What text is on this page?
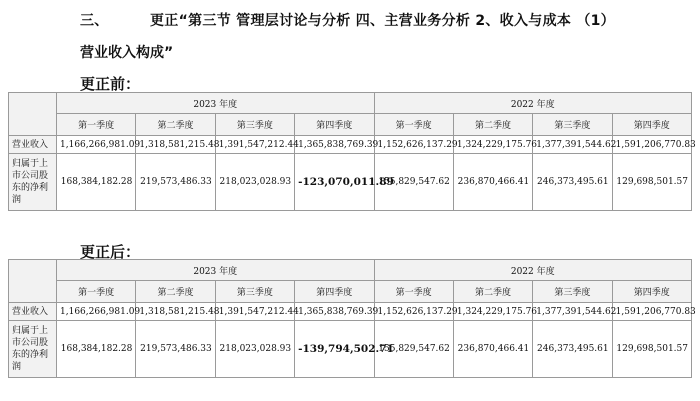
三、	更正“第三节 管理层讨论与分析 四、主营业务分析 2、收入与成本 （1）
营业收入构成”
更正前：
	2023 年度				2022 年度			
	第一季度	第二季度	第三季度	第四季度	第一季度	第二季度	第三季度	第四季度
营业收入	1,166,266,981.09	1,318,581,215.48	1,391,547,212.44	1,365,838,769.39	1,152,626,137.29	1,324,229,175.76	1,377,391,544.62	1,591,206,770.83
归属于上市公司股东的净利润	168,384,182.28	219,573,486.33	218,023,028.93	-123,070,011.89	155,829,547.62	236,870,466.41	246,373,495.61	129,698,501.57
更正后：
	2023 年度				2022 年度			
	第一季度	第二季度	第三季度	第四季度	第一季度	第二季度	第三季度	第四季度
营业收入	1,166,266,981.09	1,318,581,215.48	1,391,547,212.44	1,365,838,769.39	1,152,626,137.29	1,324,229,175.76	1,377,391,544.62	1,591,206,770.83
归属于上市公司股东的净利润	168,384,182.28	219,573,486.33	218,023,028.93	-139,794,502.71	155,829,547.62	236,870,466.41	246,373,495.61	129,698,501.57
